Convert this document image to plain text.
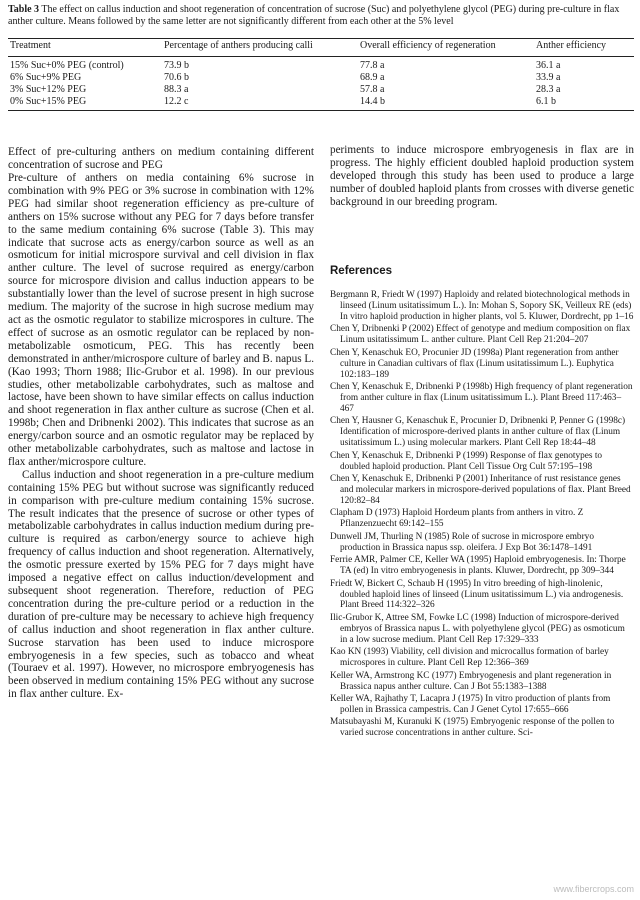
Table 3 The effect on callus induction and shoot regeneration of concentration of sucrose (Suc) and polyethylene glycol (PEG) during pre-culture in flax anther culture. Means followed by the same letter are not significantly different from each other at the 5% level
Treatment	Percentage of anthers producing calli	Overall efficiency of regeneration	Anther efficiency
15% Suc+0% PEG (control)	73.9 b	77.8 a	36.1 a
6% Suc+9% PEG	70.6 b	68.9 a	33.9 a
3% Suc+12% PEG	88.3 a	57.8 a	28.3 a
0% Suc+15% PEG	12.2 c	14.4 b	6.1 b

Effect of pre-culturing anthers on medium containing different concentration of sucrose and PEG

Pre-culture of anthers on media containing 6% sucrose in combination with 9% PEG or 3% sucrose in combination with 12% PEG had similar shoot regeneration efficiency as pre-culture of anthers on 15% sucrose without any PEG for 7 days before transfer to the same medium containing 6% sucrose (Table 3). This may indicate that sucrose acts as energy/carbon source as well as an osmoticum for initial microspore survival and cell division in flax anther culture. The level of sucrose required as energy/carbon source for microspore division and callus induction appears to be substantially lower than the level of sucrose present in high sucrose medium. The majority of the sucrose in high sucrose medium may act as the osmotic regulator to stabilize microspores in culture. The effect of sucrose as an osmotic regulator can be replaced by non-metabolizable osmoticum, PEG. This has recently been demonstrated in anther/microspore culture of barley and B. napus L. (Kao 1993; Thorn 1988; Ilic-Grubor et al. 1998). In our previous studies, other metabolizable carbohydrates, such as maltose and lactose, have been shown to have similar effects on callus induction and shoot regeneration in flax anther culture as sucrose (Chen et al. 1998b; Chen and Dribnenki 2002). This indicates that sucrose as an energy/carbon source and an osmotic regulator may be replaced by other metabolizable carbohydrates, such as maltose and lactose in flax anther/microspore culture.

Callus induction and shoot regeneration in a pre-culture medium containing 15% PEG but without sucrose was significantly reduced in comparison with pre-culture medium containing 15% sucrose. The result indicates that the presence of sucrose or other types of metabolizable carbohydrates in callus induction medium during pre-culture is required as carbon/energy source to achieve high frequency of callus induction and shoot regeneration. Alternatively, the osmotic pressure exerted by 15% PEG for 7 days might have imposed a negative effect on callus induction/development and subsequent shoot regeneration. Therefore, reduction of PEG concentration during the pre-culture period or a reduction in the duration of pre-culture may be necessary to achieve high frequency of callus induction and shoot regeneration in flax anther culture. Sucrose starvation has been used to induce microspore embryogenesis in a few species, such as tobacco and wheat (Touraev et al. 1997). However, no microspore embryogenesis has been observed in medium containing 15% PEG without any sucrose in flax anther culture. Ex-

periments to induce microspore embryogenesis in flax are in progress. The highly efficient doubled haploid production system developed through this study has been used to produce a large number of doubled haploid plants from crosses with diverse genetic background in our breeding program.

References

Bergmann R, Friedt W (1997) Haploidy and related biotechnological methods in linseed (Linum usitatissimum L.). In: Mohan S, Sopory SK, Veilleux RE (eds) In vitro haploid production in higher plants, vol 5. Kluwer, Dordrecht, pp 1–16

Chen Y, Dribnenki P (2002) Effect of genotype and medium composition on flax Linum usitatissimum L. anther culture. Plant Cell Rep 21:204–207

Chen Y, Kenaschuk EO, Procunier JD (1998a) Plant regeneration from anther culture in Canadian cultivars of flax (Linum usitatissimum L.). Euphytica 102:183–189

Chen Y, Kenaschuk E, Dribnenki P (1998b) High frequency of plant regeneration from anther culture in flax (Linum usitatissimum L.). Plant Breed 117:463–467

Chen Y, Hausner G, Kenaschuk E, Procunier D, Dribnenki P, Penner G (1998c) Identification of microspore-derived plants in anther culture of flax (Linum usitatissimum L.) using molecular markers. Plant Cell Rep 18:44–48

Chen Y, Kenaschuk E, Dribnenki P (1999) Response of flax genotypes to doubled haploid production. Plant Cell Tissue Org Cult 57:195–198

Chen Y, Kenaschuk E, Dribnenki P (2001) Inheritance of rust resistance genes and molecular markers in microspore-derived populations of flax. Plant Breed 120:82–84

Clapham D (1973) Haploid Hordeum plants from anthers in vitro. Z Pflanzenzuecht 69:142–155

Dunwell JM, Thurling N (1985) Role of sucrose in microspore embryo production in Brassica napus ssp. oleifera. J Exp Bot 36:1478–1491

Ferrie AMR, Palmer CE, Keller WA (1995) Haploid embryogenesis. In: Thorpe TA (ed) In vitro embryogenesis in plants. Kluwer, Dordrecht, pp 309–344

Friedt W, Bickert C, Schaub H (1995) In vitro breeding of high-linolenic, doubled haploid lines of linseed (Linum usitatissimum L.) via androgenesis. Plant Breed 114:322–326

Ilic-Grubor K, Attree SM, Fowke LC (1998) Induction of microspore-derived embryos of Brassica napus L. with polyethylene glycol (PEG) as osmoticum in a low sucrose medium. Plant Cell Rep 17:329–333

Kao KN (1993) Viability, cell division and microcallus formation of barley microspores in culture. Plant Cell Rep 12:366–369

Keller WA, Armstrong KC (1977) Embryogenesis and plant regeneration in Brassica napus anther culture. Can J Bot 55:1383–1388

Keller WA, Rajhathy T, Lacapra J (1975) In vitro production of plants from pollen in Brassica campestris. Can J Genet Cytol 17:655–666

Matsubayashi M, Kuranuki K (1975) Embryogenic response of the pollen to varied sucrose concentrations in anther culture. Sci-

www.fibercrops.com
